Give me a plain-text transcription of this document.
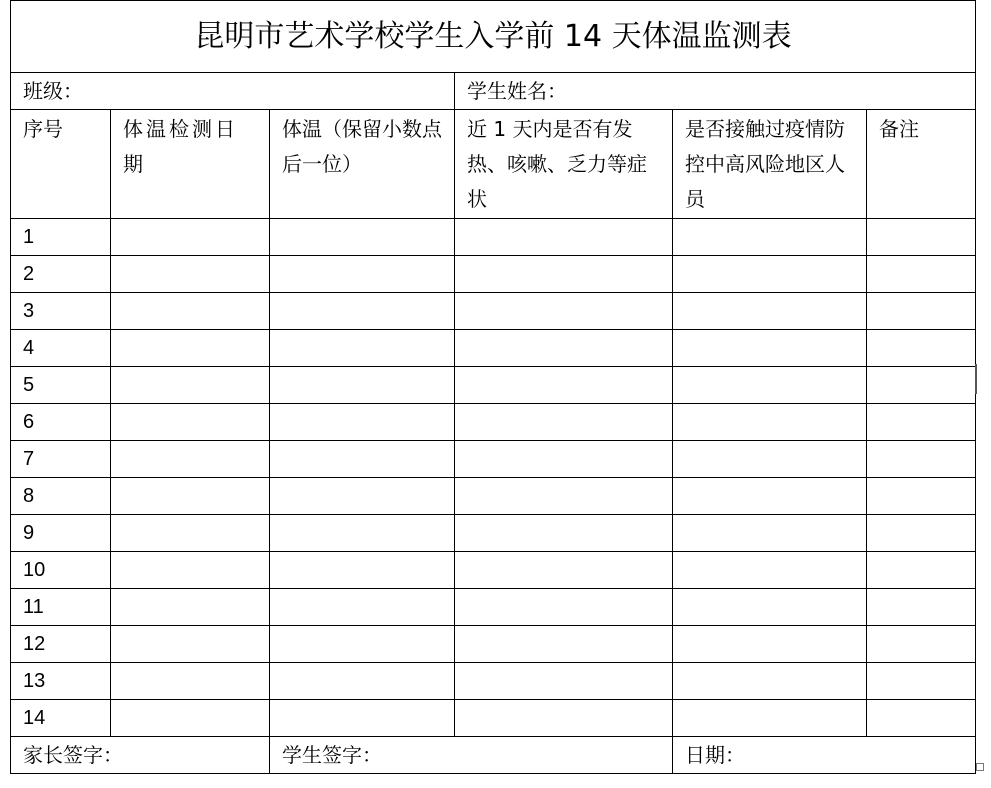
昆明市艺术学校学生入学前 14 天体温监测表					
班级：			学生姓名：		
序号	体温检测日期	体温（保留小数点后一位）	近 1 天内是否有发热、咳嗽、乏力等症状	是否接触过疫情防控中高风险地区人员	备注
1					
2					
3					
4					
5					
6					
7					
8					
9					
10					
11					
12					
13					
14					
家长签字：		学生签字：		日期：	
